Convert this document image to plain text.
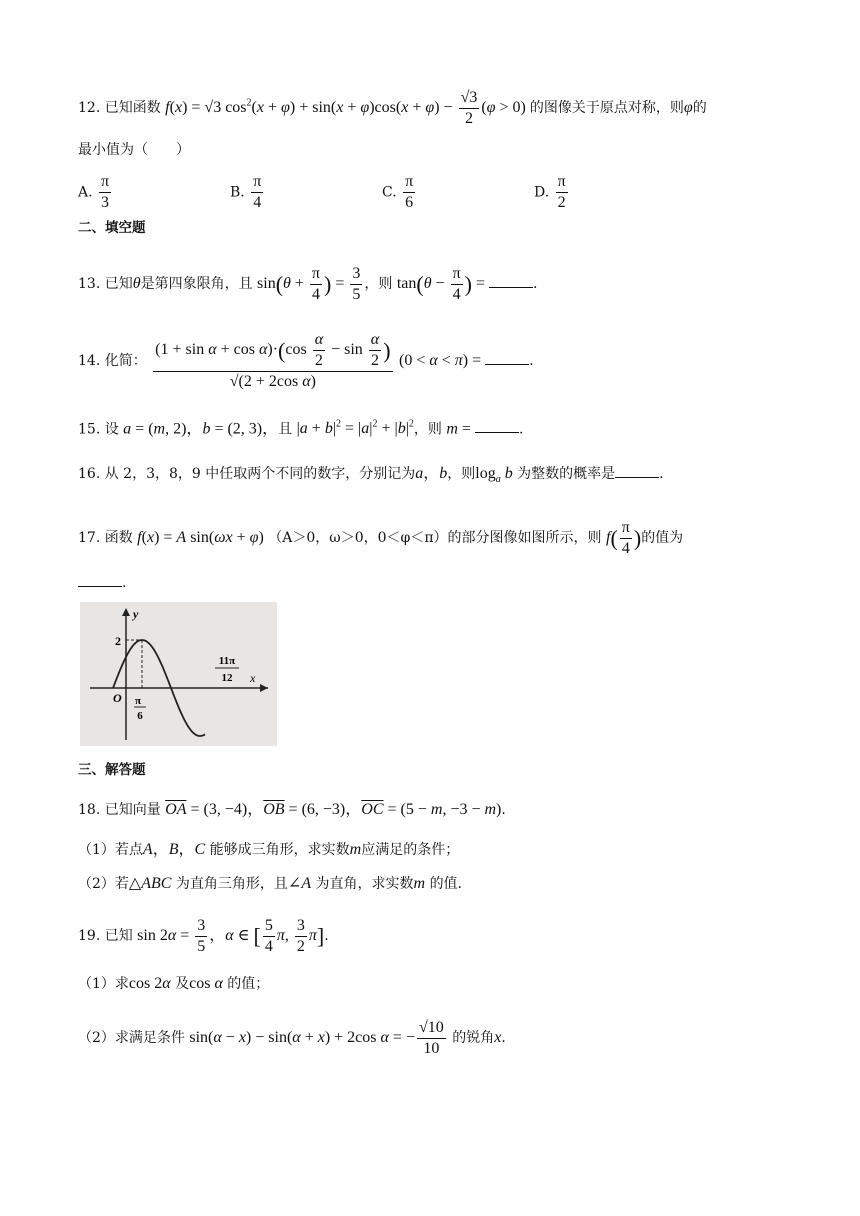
12. 已知函数 f(x) = √3 $\cos^2(x + \varphi) + \sin(x + \varphi)\cos(x + \varphi) - \frac{√3}{2} (\varphi > 0)$ 的图像关于原点对称，则φ的
最小值为（　　）
A. $\frac{\pi}{3}$	B. $\frac{\pi}{4}$	C. $\frac{\pi}{6}$	D. $\frac{\pi}{2}$
二、填空题
13. 已知θ是第四象限角，且 $\sin(\theta + \frac{\pi}{4}$ ) = $\frac{3}{5}$ ，则 $\tan(\theta - \frac{\pi}{4}$ ) =	.
14. 化简： $\frac{(1 + \sin \alpha + \cos \alpha)\cdot(\cos \frac{\alpha}{2} - \sin \frac{\alpha}{2} )}{\text{√(2 + 2cos α)}} (0 < \alpha < \pi)$ =	.
15. 设 a = (m, 2)，b = (2, 3)，且 $|a + b|^2 = |a|^2 + |b|^2$，则 m =	.
16. 从 2，3，8，9 中任取两个不同的数字，分别记为a，b，则$\log_a b$ 为整数的概率是	.
17. 函数 f(x) = A sin(ωx + φ) （A＞0，ω＞0，0＜φ＜π）的部分图像如图所示，则 $f( \frac{\pi}{4}$ )的值为
.
y
x
O
2
π
6
11π
12
三、解答题
18. 已知向量 $\overline{OA} = (3$, −4)，$\overline{OB} = (6$, −3)，$\overline{OC} = (5 - m$, −3 − m).
（1）若点A，B，C 能够成三角形，求实数m应满足的条件；
（2）若△ABC 为直角三角形，且∠A 为直角，求实数m 的值.
19. 已知 $\sin 2\alpha = \frac{3}{5}$ ，α ∈ [ $\frac{5}{4} \pi$, $\frac{3}{2} \pi$].
（1）求cos 2α 及cos α 的值；
（2）求满足条件 sin(α − x) − sin(α + x) + 2cos α = − $\frac{√10}{10}$ 的锐角x.
